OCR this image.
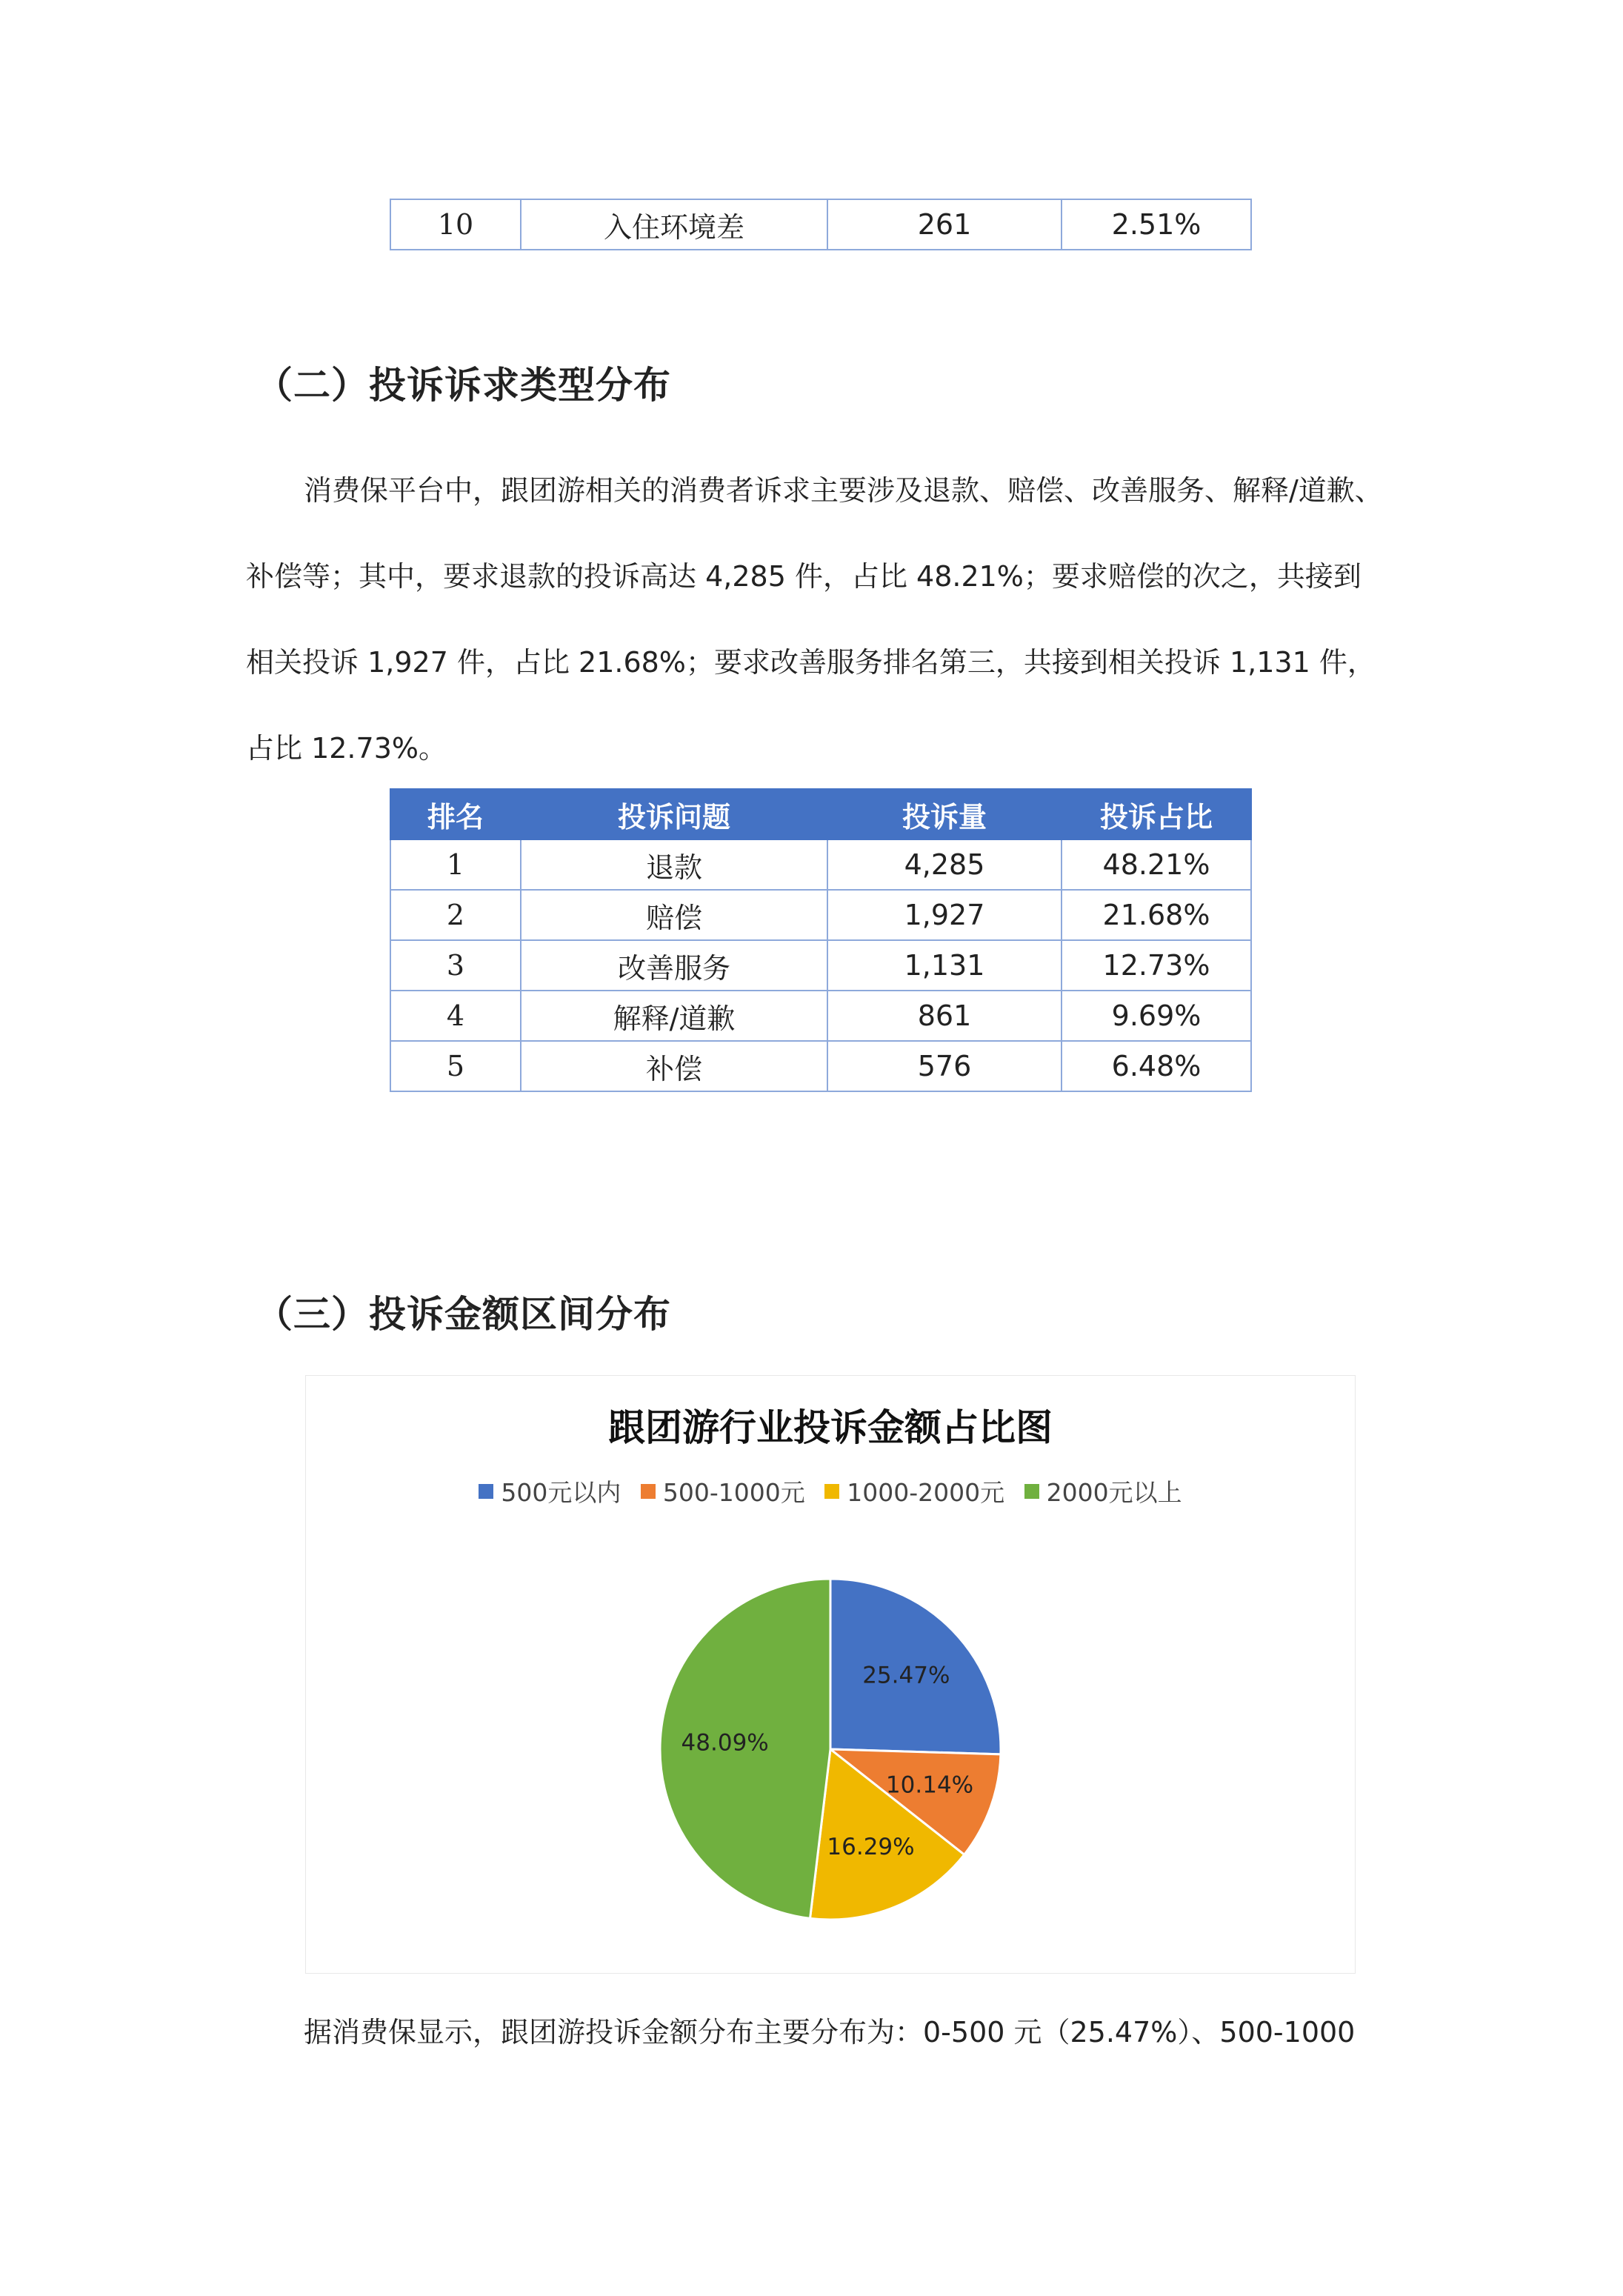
10	入住环境差	261	2.51%
（二）投诉诉求类型分布
消费保平台中，跟团游相关的消费者诉求主要涉及退款、赔偿、改善服务、解释/道歉、
补偿等；其中，要求退款的投诉高达 4,285 件，占比 48.21%；要求赔偿的次之，共接到
相关投诉 1,927 件，占比 21.68%；要求改善服务排名第三，共接到相关投诉 1,131 件，
占比 12.73%。
排名	投诉问题	投诉量	投诉占比
1	退款	4,285	48.21%
2	赔偿	1,927	21.68%
3	改善服务	1,131	12.73%
4	解释/道歉	861	9.69%
5	补偿	576	6.48%
（三）投诉金额区间分布
跟团游行业投诉金额占比图
500元以内
500-1000元
1000-2000元
2000元以上
25.47%
10.14%
16.29%
48.09%
据消费保显示，跟团游投诉金额分布主要分布为：0-500 元（25.47%）、500-1000
